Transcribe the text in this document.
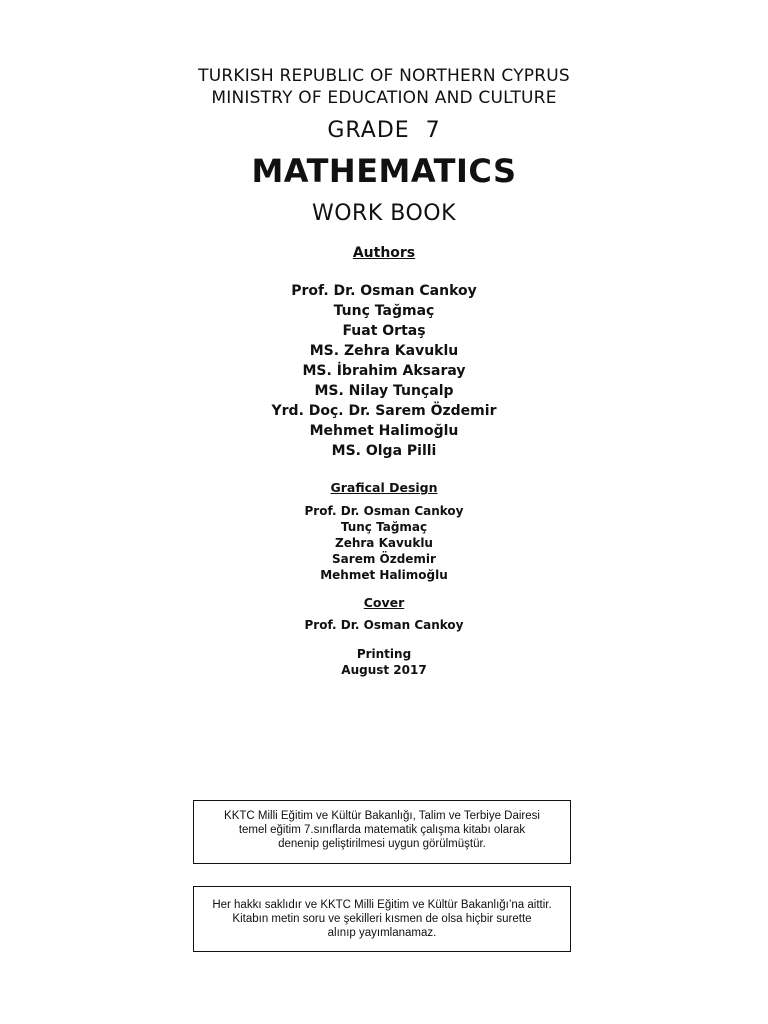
TURKISH REPUBLIC OF NORTHERN CYPRUS
MINISTRY OF EDUCATION AND CULTURE
GRADE  7
MATHEMATICS
WORK BOOK
Authors
Prof. Dr. Osman Cankoy
Tunç Tağmaç
Fuat Ortaş
MS. Zehra Kavuklu
MS. İbrahim Aksaray
MS. Nilay Tunçalp
Yrd. Doç. Dr. Sarem Özdemir
Mehmet Halimoğlu
MS. Olga Pilli
Grafical Design
Prof. Dr. Osman Cankoy
Tunç Tağmaç
Zehra Kavuklu
Sarem Özdemir
Mehmet Halimoğlu
Cover
Prof. Dr. Osman Cankoy
Printing
August 2017
KKTC Milli Eğitim ve Kültür Bakanlığı, Talim ve Terbiye Dairesi
temel eğitim 7.sınıflarda matematik çalışma kitabı olarak
denenip geliştirilmesi uygun görülmüştür.
Her hakkı saklıdır ve KKTC Milli Eğitim ve Kültür Bakanlığı’na aittir.
Kitabın metin soru ve şekilleri kısmen de olsa hiçbir surette
alınıp yayımlanamaz.
